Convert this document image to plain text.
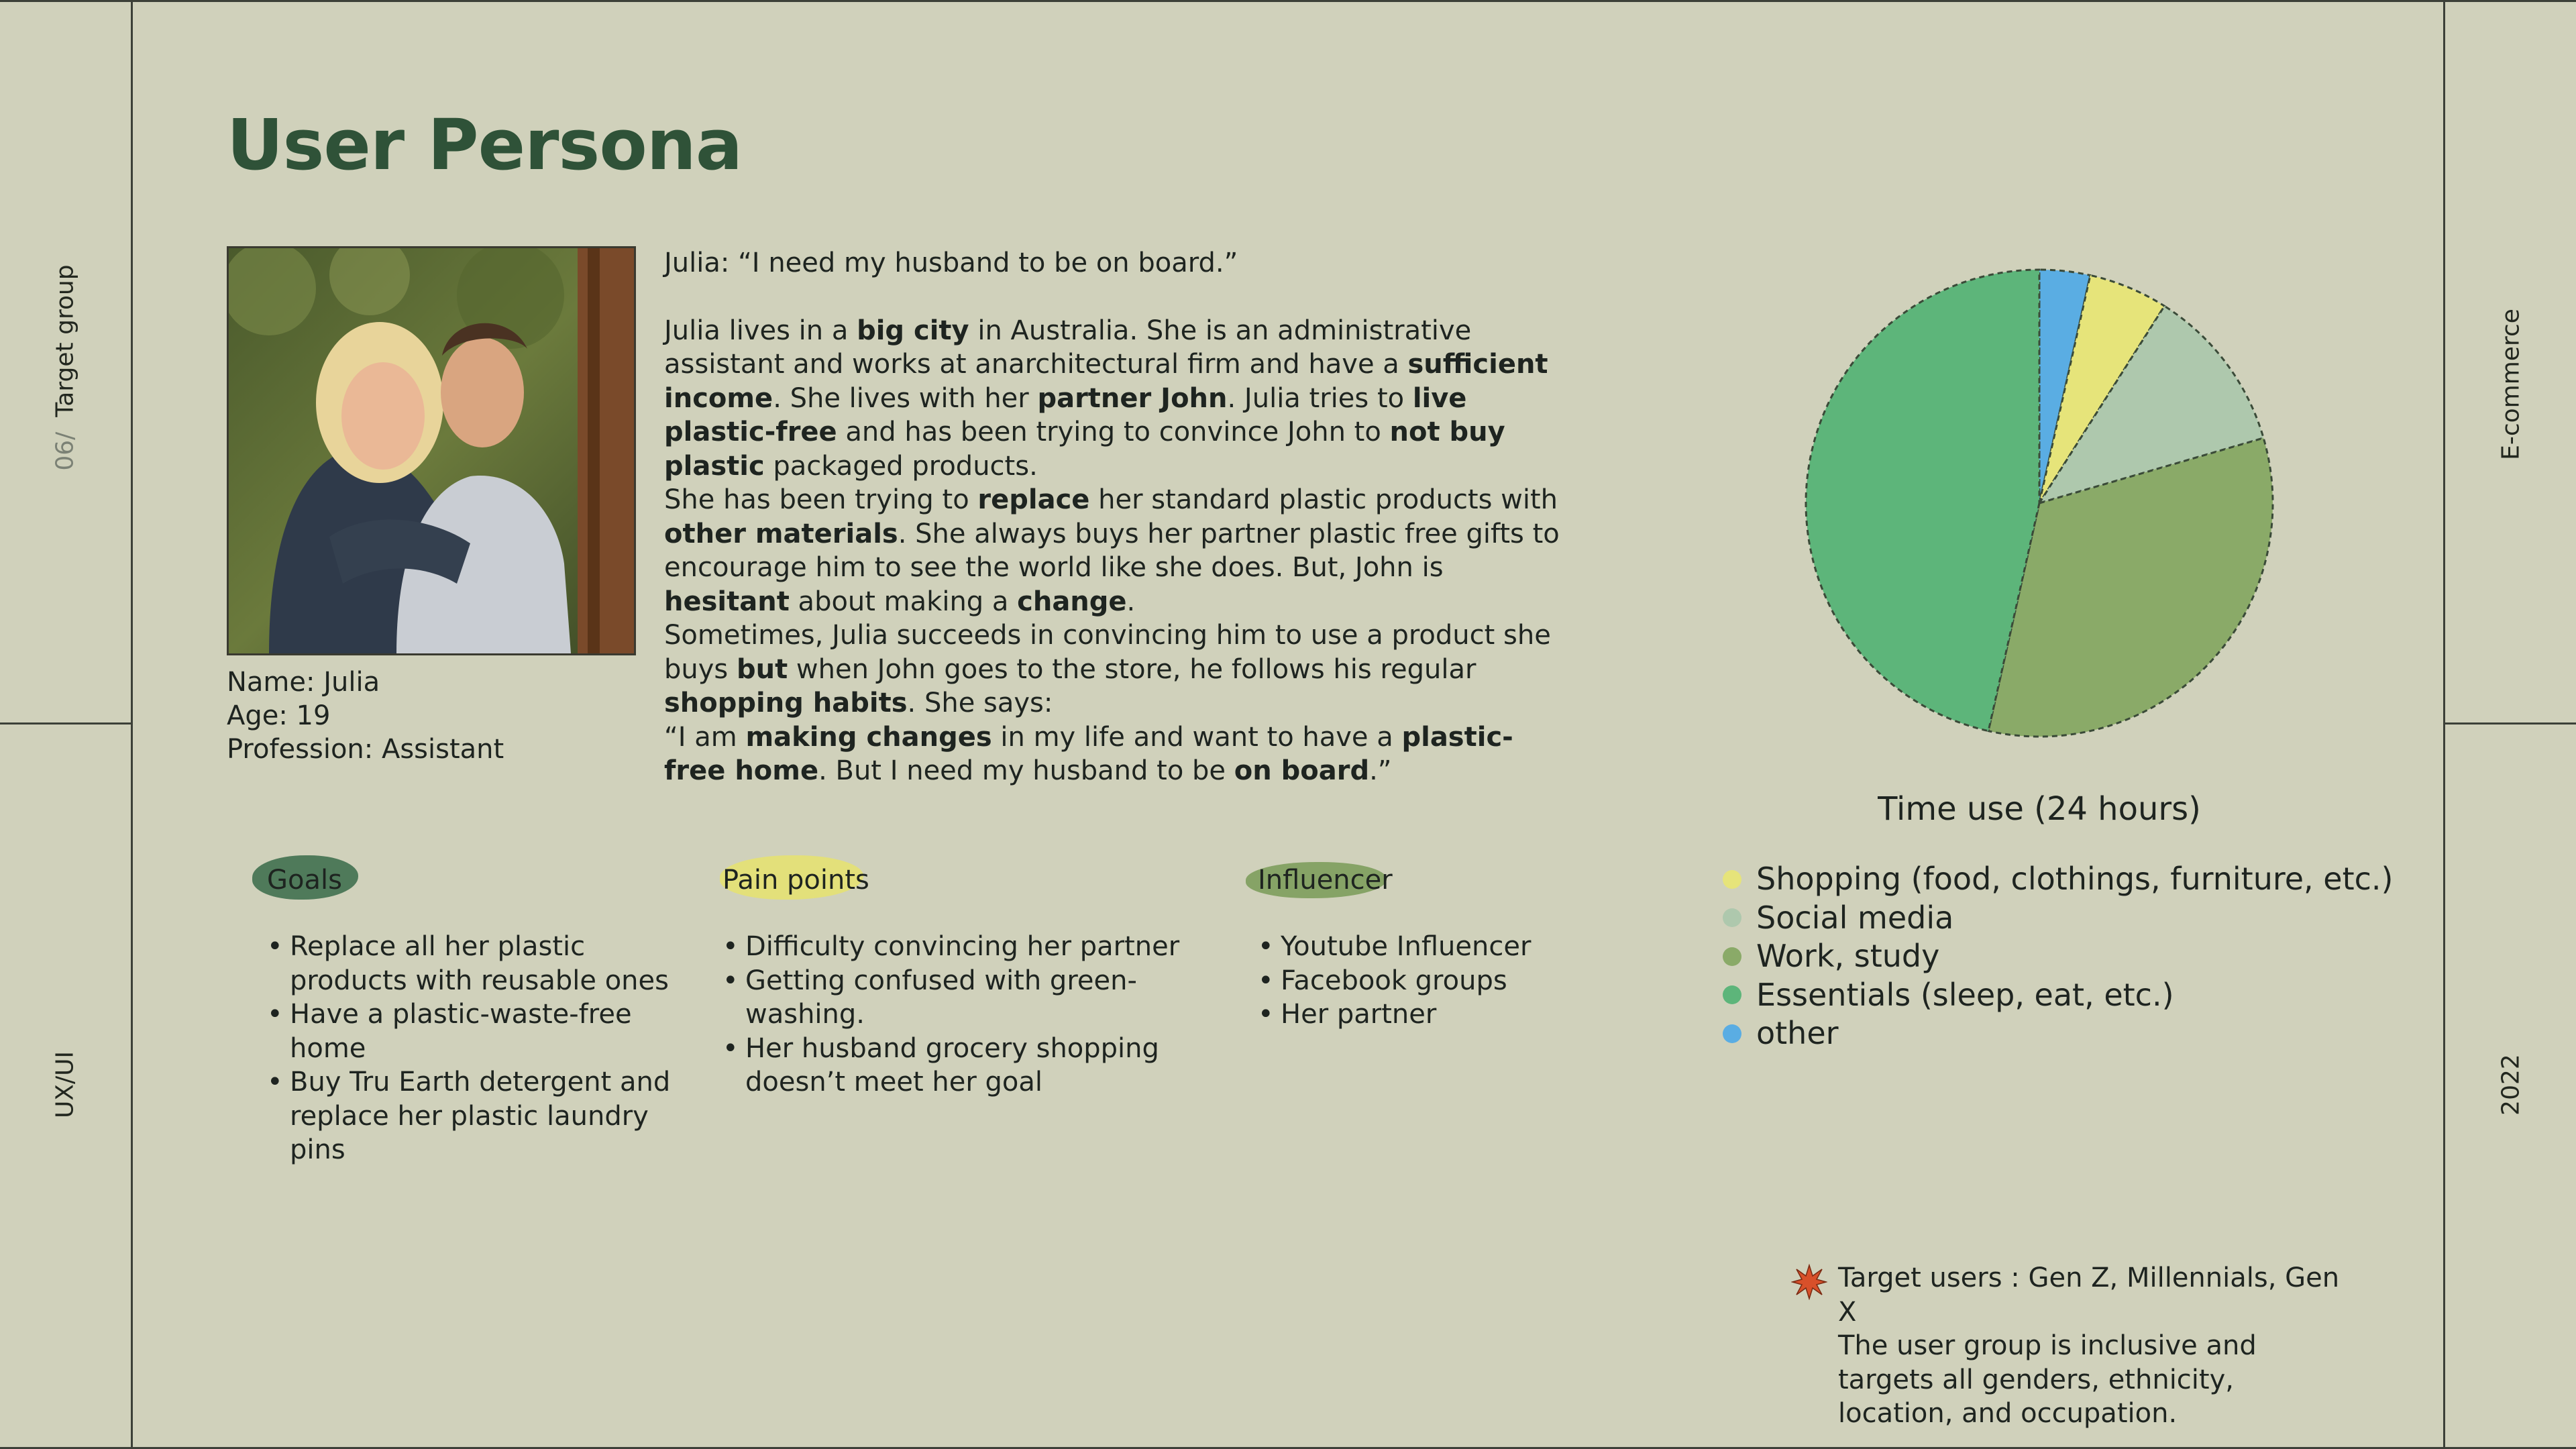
06/Target group
UX/UI
E-commerce
2022
User Persona
Name: Julia
Age: 19
Profession: Assistant

Julia: “I need my husband to be on board.”

Julia lives in a big city in Australia. She is an administrative assistant and works at anarchitectural firm and have a sufficient income. She lives with her partner John. Julia tries to live plastic-free and has been trying to convince John to not buy plastic packaged products.

She has been trying to replace her standard plastic products with other materials. She always buys her partner plastic free gifts to encourage him to see the world like she does. But, John is hesitant about making a change.

Sometimes, Julia succeeds in convincing him to use a product she buys but when John goes to the store, he follows his regular shopping habits. She says:

“I am making changes in my life and want to have a plastic-free home. But I need my husband to be on board.”

Goals
• Replace all her plastic products with reusable ones
• Have a plastic-waste-free home
• Buy Tru Earth detergent and replace her plastic laundry pins
Pain points
• Difficulty convincing her partner
• Getting confused with green- washing.
• Her husband grocery shopping doesn’t meet her goal
Influencer
• Youtube Influencer
• Facebook groups
• Her partner
Time use (24 hours)
Shopping (food, clothings, furniture, etc.)
Social media
Work, study
Essentials (sleep, eat, etc.)
other
Target users : Gen Z, Millennials, Gen X
The user group is inclusive and targets all genders, ethnicity, location, and occupation.
